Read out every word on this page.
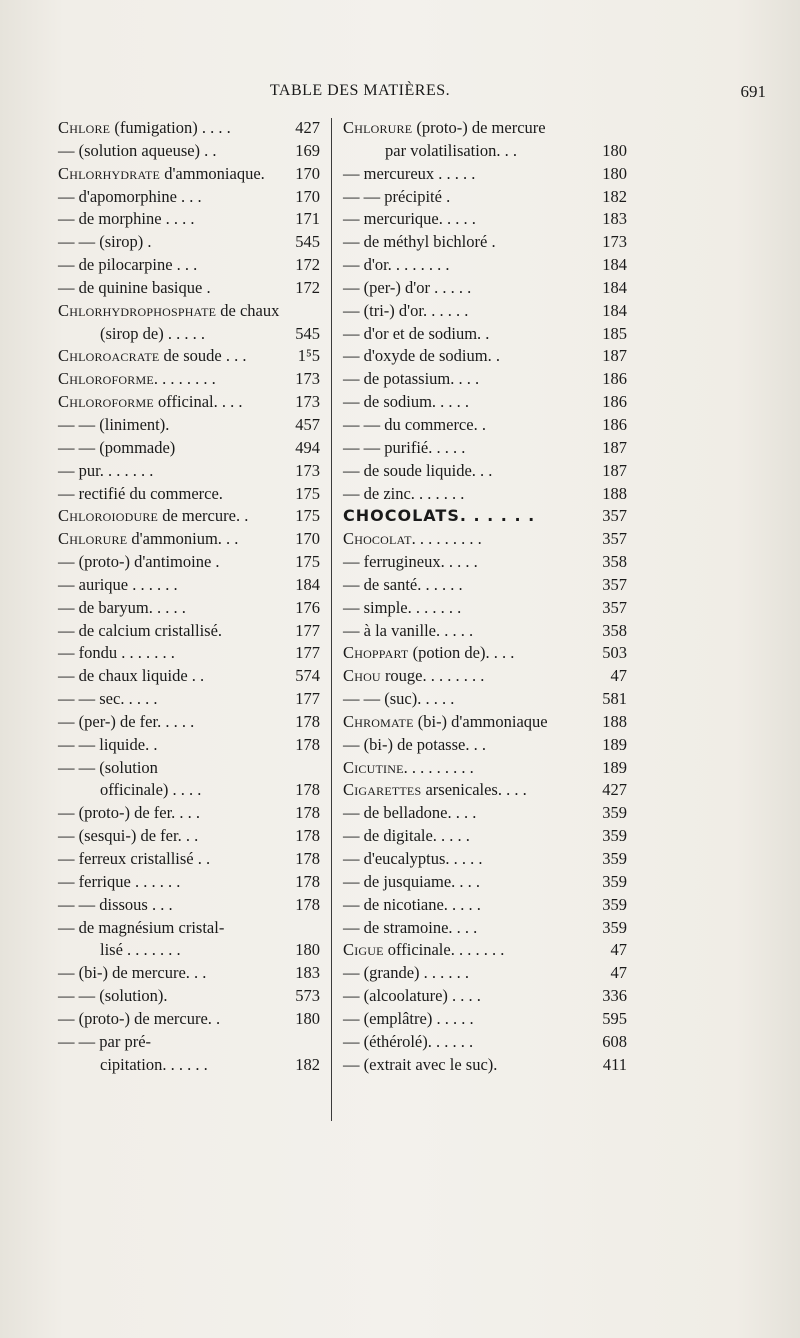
TABLE DES MATIÈRES.	691
Chlore (fumigation) . . . .	427
— (solution aqueuse) . .	169
Chlorhydrate d'ammoniaque. 170
— d'apomorphine . . .	170
— de morphine . . . .	171
— — (sirop) .	545
— de pilocarpine . . .	172
— de quinine basique .	172
Chlorhydrophosphate de chaux
(sirop de) . . . . .	545
Chloroacrate de soude . . .	1⁵5
Chloroforme. . . . . . . .	173
Chloroforme officinal. . . .	173
— — (liniment).	457
— — (pommade)	494
— pur. . . . . . .	173
— rectifié du commerce.	175
Chloroiodure de mercure. .	175
Chlorure d'ammonium. . .	170
— (proto-) d'antimoine .	175
— aurique . . . . . .	184
— de baryum. . . . .	176
— de calcium cristallisé.	177
— fondu . . . . . . .	177
— de chaux liquide . .	574
— — sec. . . . .	177
— (per-) de fer. . . . .	178
— — liquide. .	178
— — (solution
officinale) . . . .	178
— (proto-) de fer. . . .	178
— (sesqui-) de fer. . .	178
— ferreux cristallisé . .	178
— ferrique . . . . . .	178
— — dissous . . .	178
— de magnésium cristal-
lisé . . . . . . .	180
— (bi-) de mercure. . .	183
— — (solution).	573
— (proto-) de mercure. .	180
— — par pré-
cipitation. . . . . .	182
Chlorure (proto-) de mercure
par volatilisation. . .	180
— mercureux . . . . .	180
— — précipité .	182
— mercurique. . . . .	183
— de méthyl bichloré .	173
— d'or. . . . . . . .	184
— (per-) d'or . . . . .	184
— (tri-) d'or. . . . . .	184
— d'or et de sodium. .	185
— d'oxyde de sodium. .	187
— de potassium. . . .	186
— de sodium. . . . .	186
— — du commerce. .	186
— — purifié. . . . .	187
— de soude liquide. . .	187
— de zinc. . . . . . .	188
CHOCOLATS. . . . . .	357
Chocolat. . . . . . . . .	357
— ferrugineux. . . . .	358
— de santé. . . . . .	357
— simple. . . . . . .	357
— à la vanille. . . . .	358
Choppart (potion de). . . .	503
Chou rouge. . . . . . . .	47
— — (suc). . . . .	581
Chromate (bi-) d'ammoniaque	188
— (bi-) de potasse. . .	189
Cicutine. . . . . . . . .	189
Cigarettes arsenicales. . . .	427
— de belladone. . . .	359
— de digitale. . . . .	359
— d'eucalyptus. . . . .	359
— de jusquiame. . . .	359
— de nicotiane. . . . .	359
— de stramoine. . . .	359
Cigue officinale. . . . . . .	47
— (grande) . . . . . .	47
— (alcoolature) . . . .	336
— (emplâtre) . . . . .	595
— (éthérolé). . . . . .	608
— (extrait avec le suc).	411
